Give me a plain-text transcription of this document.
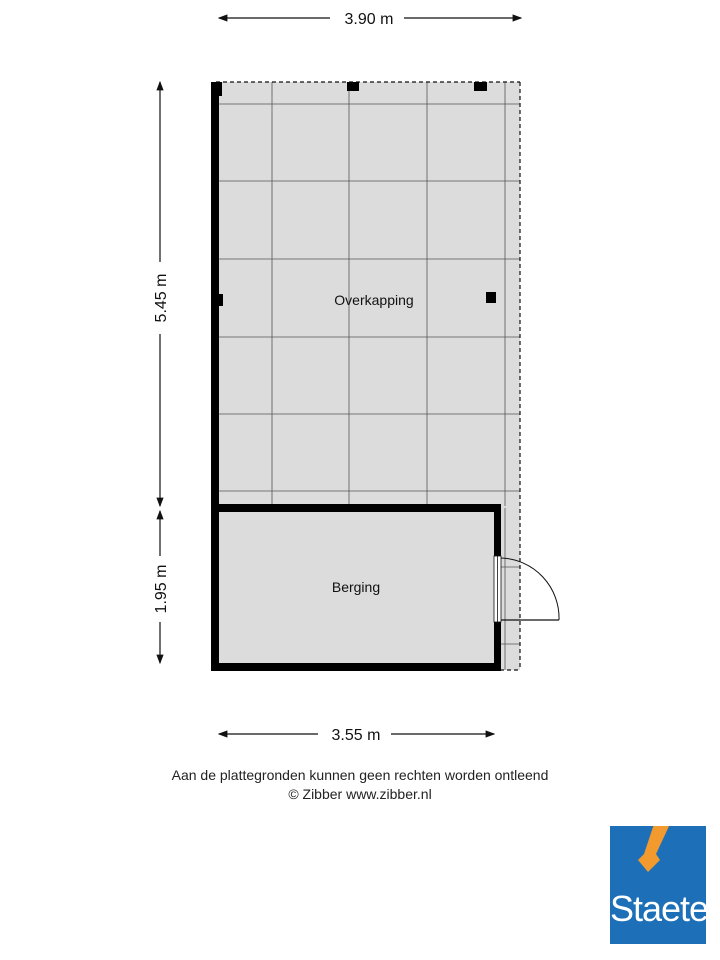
Overkapping
Berging
3.90 m
3.55 m
5.45 m
1.95 m
Aan de plattegronden kunnen geen rechten worden ontleend
© Zibber www.zibber.nl
Staete
